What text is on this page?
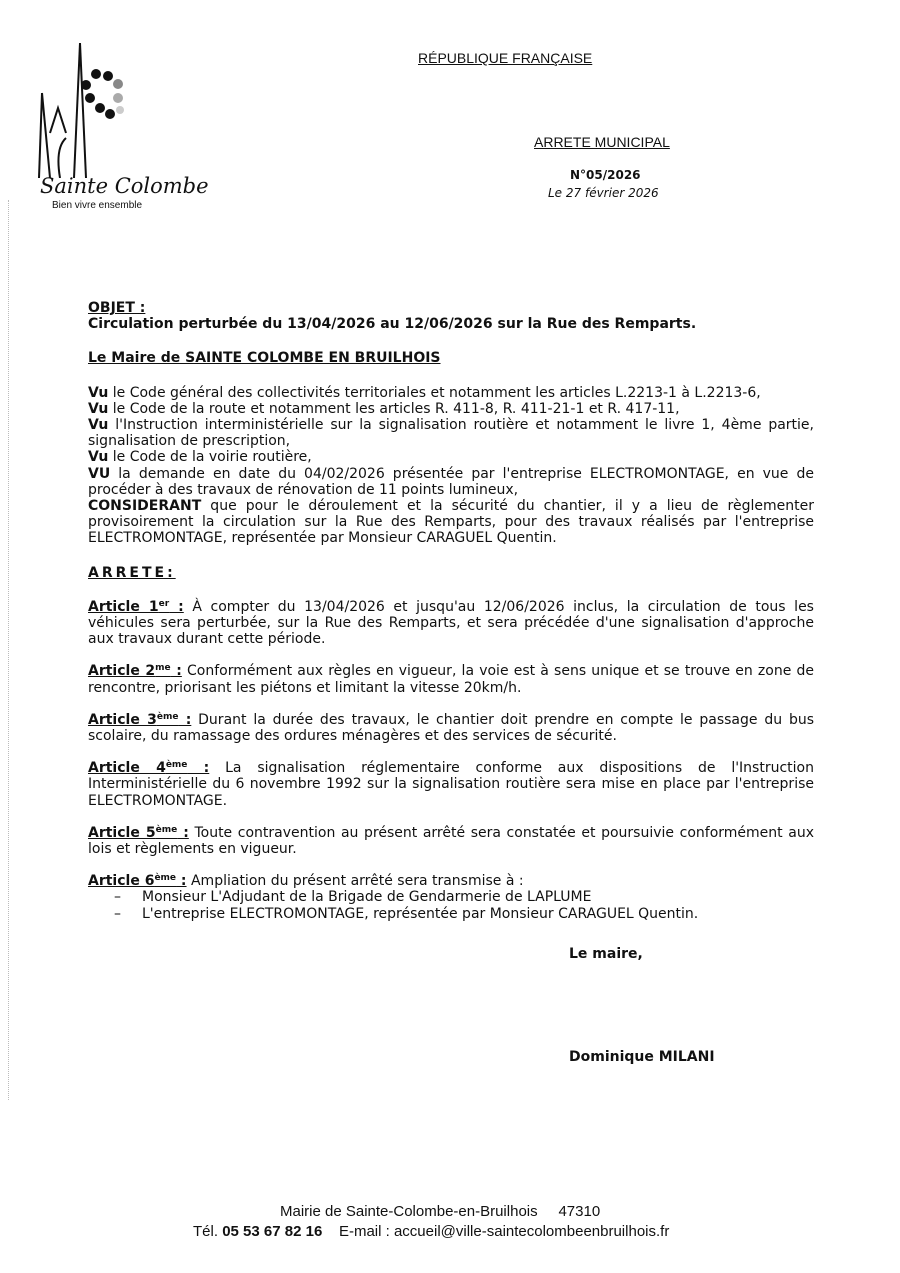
Sainte Colombe
Bien vivre ensemble
RÉPUBLIQUE FRANÇAISE
ARRETE MUNICIPAL
N°05/2026
Le 27 février 2026

OBJET :

Circulation perturbée du 13/04/2026 au 12/06/2026 sur la Rue des Remparts.

Le Maire de SAINTE COLOMBE EN BRUILHOIS

Vu le Code général des collectivités territoriales et notamment les articles L.2213-1 à L.2213-6,

Vu le Code de la route et notamment les articles R. 411-8, R. 411-21-1 et R. 417-11,

Vu l'Instruction interministérielle sur la signalisation routière et notamment le livre 1, 4ème partie, signalisation de prescription,

Vu le Code de la voirie routière,

VU la demande en date du 04/02/2026 présentée par l'entreprise ELECTROMONTAGE, en vue de procéder à des travaux de rénovation de 11 points lumineux,

CONSIDERANT que pour le déroulement et la sécurité du chantier, il y a lieu de règlementer provisoirement la circulation sur la Rue des Remparts, pour des travaux réalisés par l'entreprise ELECTROMONTAGE, représentée par Monsieur CARAGUEL Quentin.

ARRETE:

Article 1er : À compter du 13/04/2026 et jusqu'au 12/06/2026 inclus, la circulation de tous les véhicules sera perturbée, sur la Rue des Remparts, et sera précédée d'une signalisation d'approche aux travaux durant cette période.

Article $2^{me}$ : Conformément aux règles en vigueur, la voie est à sens unique et se trouve en zone de rencontre, priorisant les piétons et limitant la vitesse 20km/h.

Article 3ème : Durant la durée des travaux, le chantier doit prendre en compte le passage du bus scolaire, du ramassage des ordures ménagères et des services de sécurité.

Article 4ème : La signalisation réglementaire conforme aux dispositions de l'Instruction Interministérielle du 6 novembre 1992 sur la signalisation routière sera mise en place par l'entreprise ELECTROMONTAGE.

Article 5ème : Toute contravention au présent arrêté sera constatée et poursuivie conformément aux lois et règlements en vigueur.

Article 6ème : Ampliation du présent arrêté sera transmise à :

– Monsieur L'Adjudant de la Brigade de Gendarmerie de LAPLUME
– L'entreprise ELECTROMONTAGE, représentée par Monsieur CARAGUEL Quentin.
Le maire,
Dominique MILANI
Mairie de Sainte-Colombe-en-Bruilhois 47310
Tél. 05 53 67 82 16 E-mail : accueil@ville-saintecolombeenbruilhois.fr
